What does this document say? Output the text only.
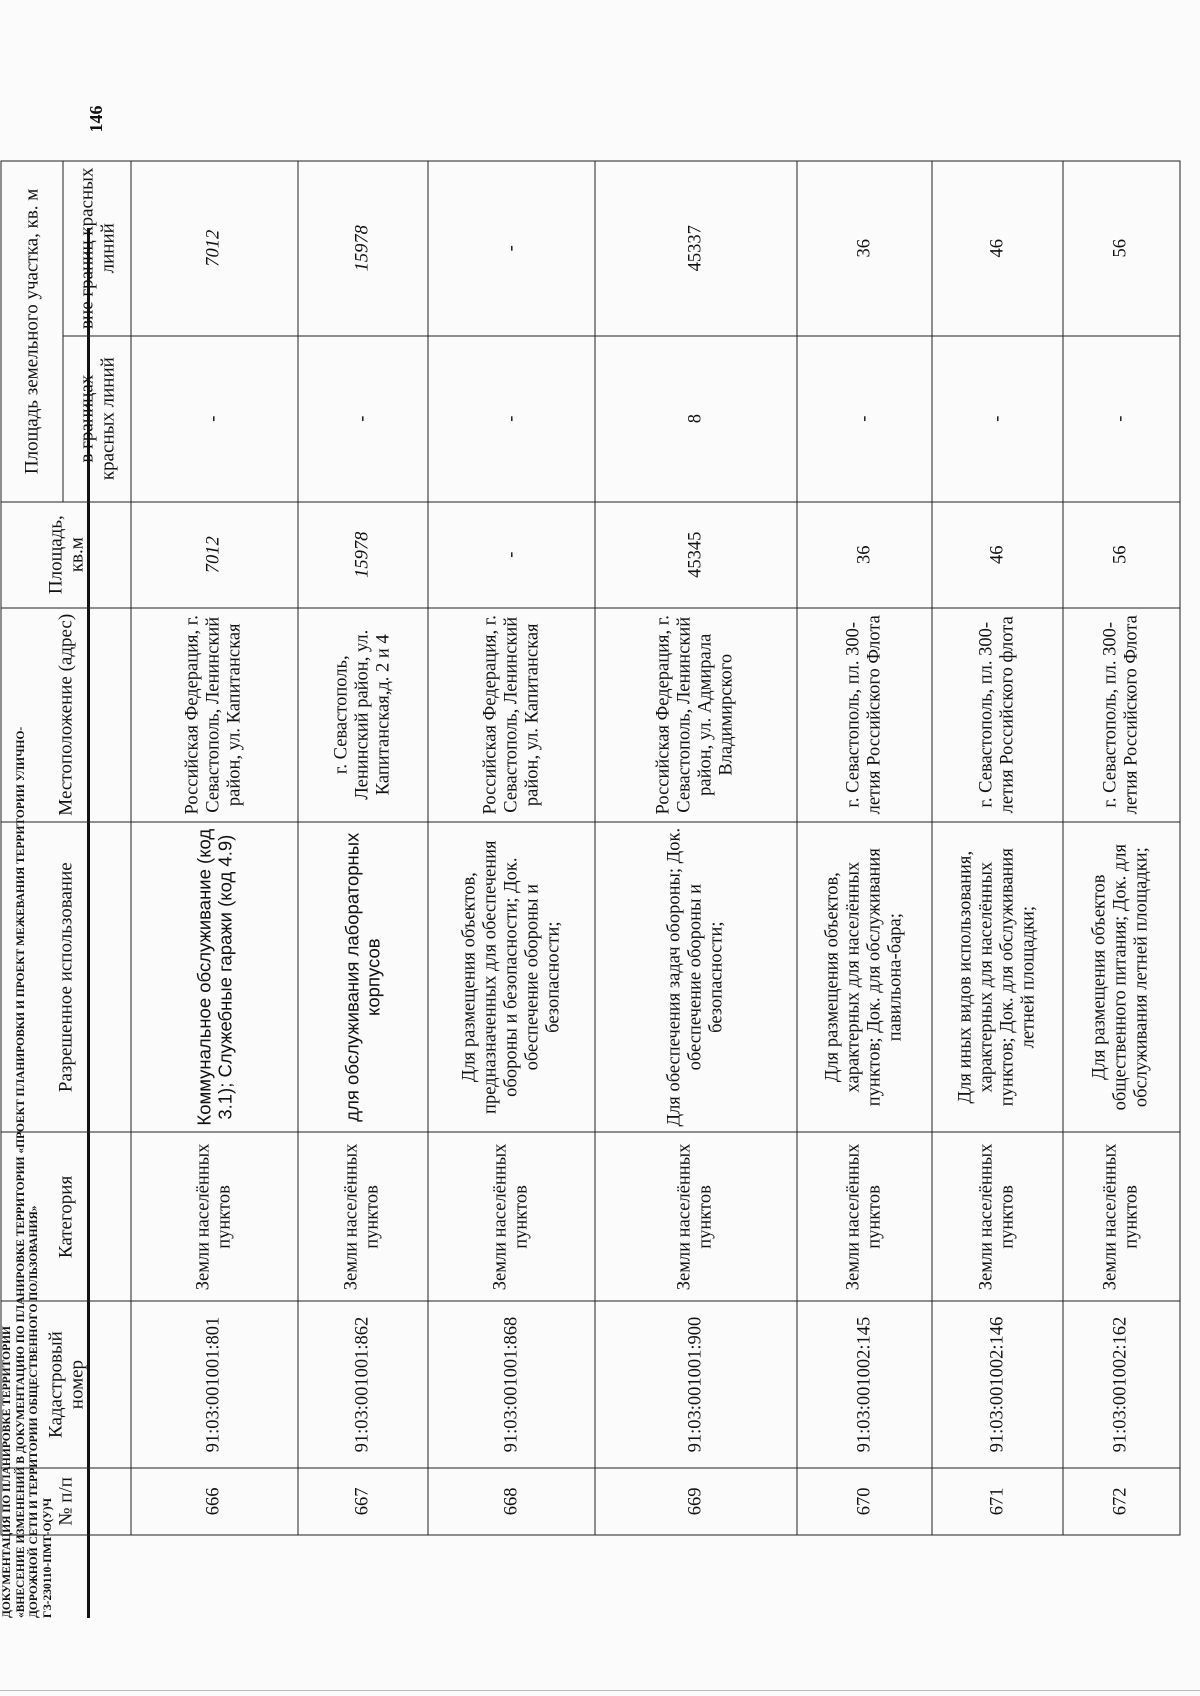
146
ДОКУМЕНТАЦИЯ ПО ПЛАНИРОВКЕ ТЕРРИТОРИИ «ВНЕСЕНИЕ ИЗМЕНЕНИЙ В ДОКУМЕНТАЦИЮ ПО ПЛАНИРОВКЕ ТЕРРИТОРИИ «ПРОЕКТ ПЛАНИРОВКИ И ПРОЕКТ МЕЖЕВАНИЯ ТЕРРИТОРИИ УЛИЧНО- ДОРОЖНОЙ СЕТИ И ТЕРРИТОРИИ ОБЩЕСТВЕННОГО ПОЛЬЗОВАНИЯ» ГЗ-230110-ПМТ-О(У)Ч № п/п	Кадастровый номер	Категория	Разрешенное использование	Местоположение (адрес)	Площадь, кв.м	Площадь земельного участка, кв. м	
						в границах красных линий	вне границ красных линий
666	91:03:001001:801	Земли населённых пунктов	Коммунальное обслуживание (код 3.1); Служебные гаражи (код 4.9)	Российская Федерация, г. Севастополь, Ленинский район, ул. Капитанская	7012	-	7012
667	91:03:001001:862	Земли населённых пунктов	для обслуживания лабораторных корпусов	г. Севастополь, Ленинский район, ул. Капитанская,д. 2 и 4	15978	-	15978
668	91:03:001001:868	Земли населённых пунктов	Для размещения объектов, предназначенных для обеспечения обороны и безопасности; Док. обеспечение обороны и безопасности;	Российская Федерация, г. Севастополь, Ленинский район, ул. Капитанская	-	-	-
669	91:03:001001:900	Земли населённых пунктов	Для обеспечения задач обороны; Док. обеспечение обороны и безопасности;	Российская Федерация, г. Севастополь, Ленинский район, ул. Адмирала Владимирского	45345	8	45337
670	91:03:001002:145	Земли населённых пунктов	Для размещения объектов, характерных для населённых пунктов; Док. для обслуживания павильона-бара;	г. Севастополь, пл. 300-летия Российского Флота	36	-	36
671	91:03:001002:146	Земли населённых пунктов	Для иных видов использования, характерных для населённых пунктов; Док. для обслуживания летней площадки;	г. Севастополь, пл. 300-летия Российского флота	46	-	46
672	91:03:001002:162	Земли населённых пунктов	Для размещения объектов общественного питания; Док. для обслуживания летней площадки;	г. Севастополь, пл. 300-летия Российского Флота	56	-	56
